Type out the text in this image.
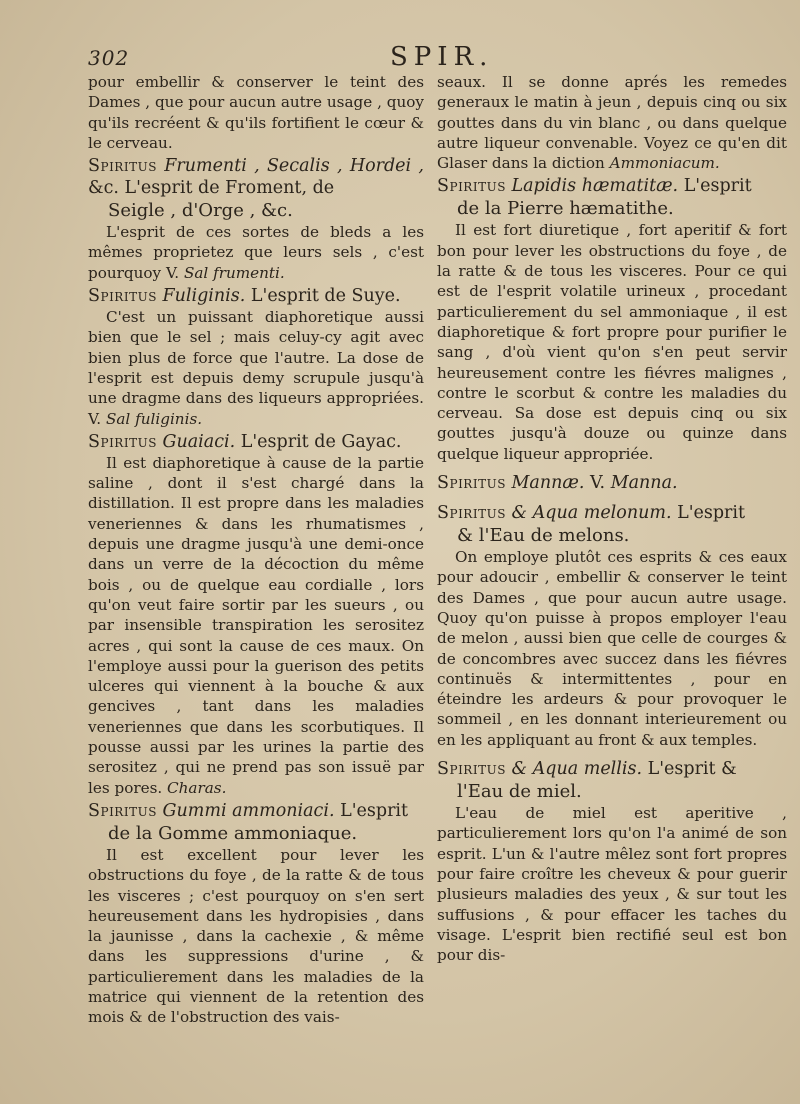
302	SPIR.

pour embellir & conserver le teint des Dames , que pour aucun autre usage , quoy qu'ils recréent & qu'ils fortifient le cœur & le cerveau.

Spiritus Frumenti , Secalis , Hordei , &c. L'esprit de Froment, de

Seigle , d'Orge , &c.

L'esprit de ces sortes de bleds a les mêmes proprietez que leurs sels , c'est pourquoy V. Sal frumenti.

Spiritus Fuliginis. L'esprit de Suye.

C'est un puissant diaphoretique aussi bien que le sel ; mais celuy-cy agit avec bien plus de force que l'autre. La dose de l'esprit est depuis demy scrupule jusqu'à une dragme dans des liqueurs appropriées. V. Sal fuliginis.

Spiritus Guaiaci. L'esprit de Gayac.

Il est diaphoretique à cause de la partie saline , dont il s'est chargé dans la distillation. Il est propre dans les maladies veneriennes & dans les rhumatismes , depuis une dragme jusqu'à une demi-once dans un verre de la décoction du même bois , ou de quelque eau cordialle , lors qu'on veut faire sortir par les sueurs , ou par insensible transpiration les serositez acres , qui sont la cause de ces maux. On l'employe aussi pour la guerison des petits ulceres qui viennent à la bouche & aux gencives , tant dans les maladies veneriennes que dans les scorbutiques. Il pousse aussi par les urines la partie des serositez , qui ne prend pas son issuë par les pores. Charas.

Spiritus Gummi ammoniaci. L'esprit

de la Gomme ammoniaque.

Il est excellent pour lever les obstructions du foye , de la ratte & de tous les visceres ; c'est pourquoy on s'en sert heureusement dans les hydropisies , dans la jaunisse , dans la cachexie , & même dans les suppressions d'urine , & particulierement dans les maladies de la matrice qui viennent de la retention des mois & de l'obstruction des vais-

seaux. Il se donne aprés les remedes generaux le matin à jeun , depuis cinq ou six gouttes dans du vin blanc , ou dans quelque autre liqueur convenable. Voyez ce qu'en dit Glaser dans la diction Ammoniacum.

Spiritus Lapidis hæmatitæ. L'esprit

de la Pierre hæmatithe.

Il est fort diuretique , fort aperitif & fort bon pour lever les obstructions du foye , de la ratte & de tous les visceres. Pour ce qui est de l'esprit volatile urineux , procedant particulierement du sel ammoniaque , il est diaphoretique & fort propre pour purifier le sang , d'où vient qu'on s'en peut servir heureusement contre les fiévres malignes , contre le scorbut & contre les maladies du cerveau. Sa dose est depuis cinq ou six gouttes jusqu'à douze ou quinze dans quelque liqueur appropriée.

Spiritus Mannæ. V. Manna.

Spiritus & Aqua melonum. L'esprit

& l'Eau de melons.

On employe plutôt ces esprits & ces eaux pour adoucir , embellir & conserver le teint des Dames , que pour aucun autre usage. Quoy qu'on puisse à propos employer l'eau de melon , aussi bien que celle de courges & de concombres avec succez dans les fiévres continuës & intermittentes , pour en éteindre les ardeurs & pour provoquer le sommeil , en les donnant interieurement ou en les appliquant au front & aux temples.

Spiritus & Aqua mellis. L'esprit &

l'Eau de miel.

L'eau de miel est aperitive , particulierement lors qu'on l'a animé de son esprit. L'un & l'autre mêlez sont fort propres pour faire croître les cheveux & pour guerir plusieurs maladies des yeux , & sur tout les suffusions , & pour effacer les taches du visage. L'esprit bien rectifié seul est bon pour dis-
